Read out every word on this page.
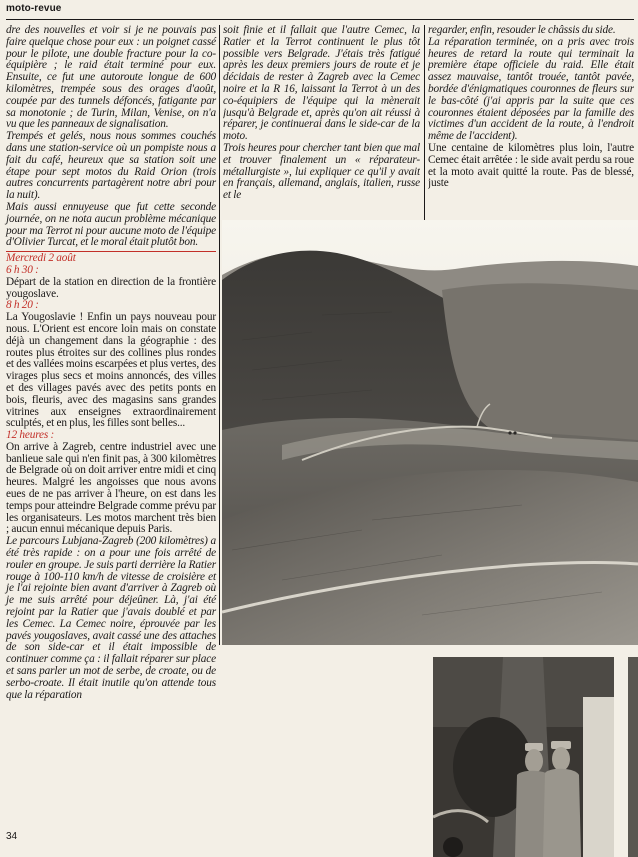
moto-revue

dre des nouvelles et voir si je ne pouvais pas faire quelque chose pour eux : un poignet cassé pour le pilote, une double fracture pour la co-équipière ; le raid était terminé pour eux. Ensuite, ce fut une autoroute longue de 600 kilomètres, trempée sous des orages d'août, coupée par des tunnels défoncés, fatigante par sa monotonie ; de Turin, Milan, Venise, on n'a vu que les panneaux de signalisation.

Trempés et gelés, nous nous sommes couchés dans une station-service où un pompiste nous a fait du café, heureux que sa station soit une étape pour sept motos du Raid Orion (trois autres concurrents partagèrent notre abri pour la nuit).

Mais aussi ennuyeuse que fut cette seconde journée, on ne nota aucun problème mécanique pour ma Terrot ni pour aucune moto de l'équipe d'Olivier Turcat, et le moral était plutôt bon.

Mercredi 2 août

6 h 30 :

Départ de la station en direction de la frontière yougoslave.

8 h 20 :

La Yougoslavie ! Enfin un pays nouveau pour nous. L'Orient est encore loin mais on constate déjà un changement dans la géographie : des routes plus étroites sur des collines plus rondes et des vallées moins escarpées et plus vertes, des virages plus secs et moins annoncés, des villes et des villages pavés avec des petits ponts en bois, fleuris, avec des magasins sans grandes vitrines aux enseignes extraordinairement sculptés, et en plus, les filles sont belles...

12 heures :

On arrive à Zagreb, centre industriel avec une banlieue sale qui n'en finit pas, à 300 kilomètres de Belgrade où on doit arriver entre midi et cinq heures. Malgré les angoisses que nous avons eues de ne pas arriver à l'heure, on est dans les temps pour atteindre Belgrade comme prévu par les organisateurs. Les motos marchent très bien ; aucun ennui mécanique depuis Paris.

Le parcours Lubjana-Zagreb (200 kilomètres) a été très rapide : on a pour une fois arrêté de rouler en groupe. Je suis parti derrière la Ratier rouge à 100-110 km/h de vitesse de croisière et je l'ai rejointe bien avant d'arriver à Zagreb où je me suis arrêté pour déjeûner. Là, j'ai été rejoint par la Ratier que j'avais doublé et par les Cemec. La Cemec noire, éprouvée par les pavés yougoslaves, avait cassé une des attaches de son side-car et il était impossible de continuer comme ça : il fallait réparer sur place et sans parler un mot de serbe, de croate, ou de serbo-croate. Il était inutile qu'on attende tous que la réparation

soit finie et il fallait que l'autre Cemec, la Ratier et la Terrot continuent le plus tôt possible vers Belgrade. J'étais très fatigué après les deux premiers jours de route et je décidais de rester à Zagreb avec la Cemec noire et la R 16, laissant la Terrot à un des co-équipiers de l'équipe qui la mènerait jusqu'à Belgrade et, après qu'on ait réussi à réparer, je continuerai dans le side-car de la moto.

Trois heures pour chercher tant bien que mal et trouver finalement un « réparateur-métallurgiste », lui expliquer ce qu'il y avait en français, allemand, anglais, italien, russe et le

regarder, enfin, resouder le châssis du side.

La réparation terminée, on a pris avec trois heures de retard la route qui terminait la première étape officiele du raid. Elle était assez mauvaise, tantôt trouée, tantôt pavée, bordée d'énigmatiques couronnes de fleurs sur le bas-côté (j'ai appris par la suite que ces couronnes étaient déposées par la famille des victimes d'un accident de la route, à l'endroit même de l'accident).

Une centaine de kilomètres plus loin, l'autre Cemec était arrêtée : le side avait perdu sa roue et la moto avait quitté la route. Pas de blessé, juste

34
